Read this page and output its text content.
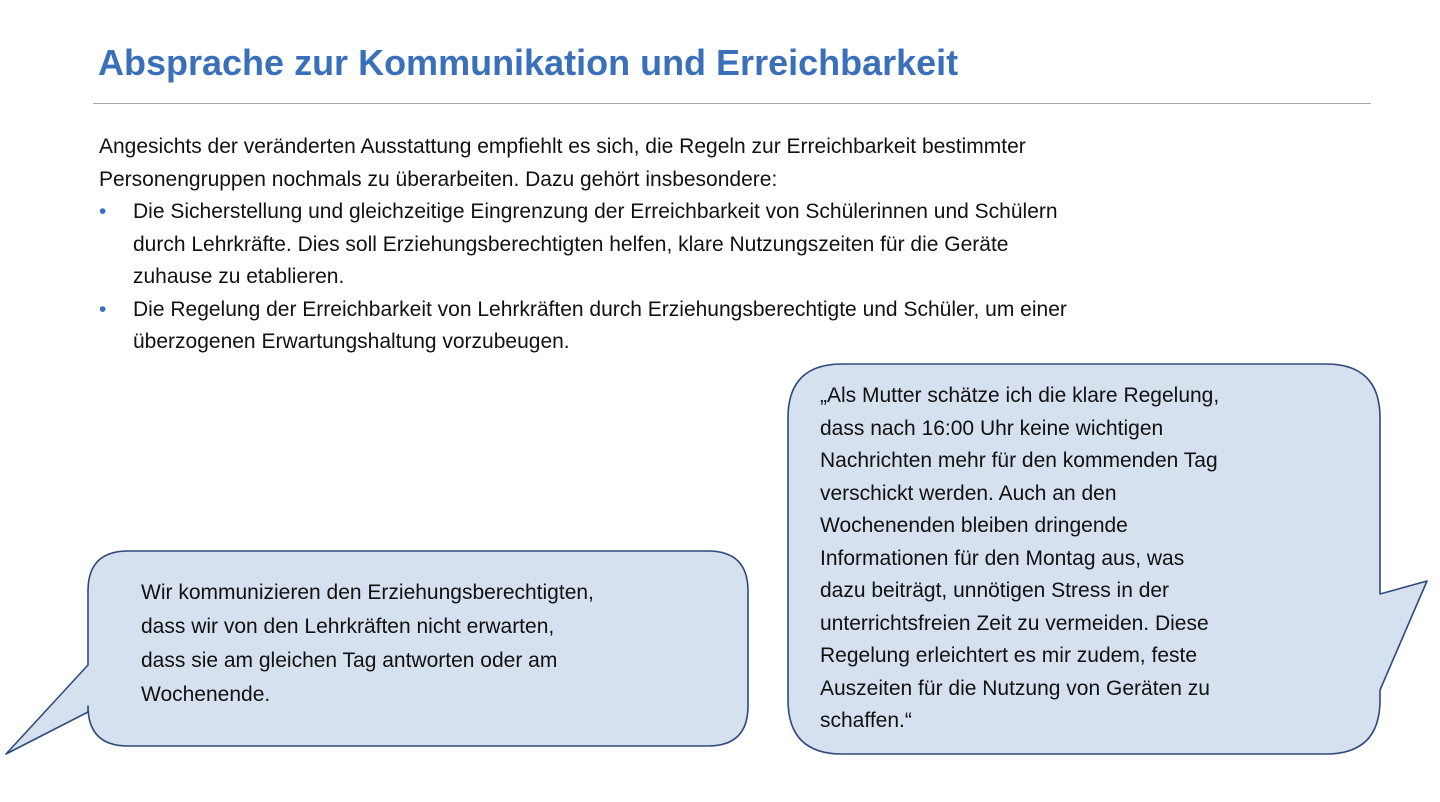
Absprache zur Kommunikation und Erreichbarkeit

Angesichts der veränderten Ausstattung empfiehlt es sich, die Regeln zur Erreichbarkeit bestimmter
Personengruppen nochmals zu überarbeiten. Dazu gehört insbesondere:

• Die Sicherstellung und gleichzeitige Eingrenzung der Erreichbarkeit von Schülerinnen und Schülern
durch Lehrkräfte. Dies soll Erziehungsberechtigten helfen, klare Nutzungszeiten für die Geräte
zuhause zu etablieren.
• Die Regelung der Erreichbarkeit von Lehrkräften durch Erziehungsberechtigte und Schüler, um einer
überzogenen Erwartungshaltung vorzubeugen.
Wir kommunizieren den Erziehungsberechtigten,
dass wir von den Lehrkräften nicht erwarten,
dass sie am gleichen Tag antworten oder am
Wochenende.
„Als Mutter schätze ich die klare Regelung,
dass nach 16:00 Uhr keine wichtigen
Nachrichten mehr für den kommenden Tag
verschickt werden. Auch an den
Wochenenden bleiben dringende
Informationen für den Montag aus, was
dazu beiträgt, unnötigen Stress in der
unterrichtsfreien Zeit zu vermeiden. Diese
Regelung erleichtert es mir zudem, feste
Auszeiten für die Nutzung von Geräten zu
schaffen.“
